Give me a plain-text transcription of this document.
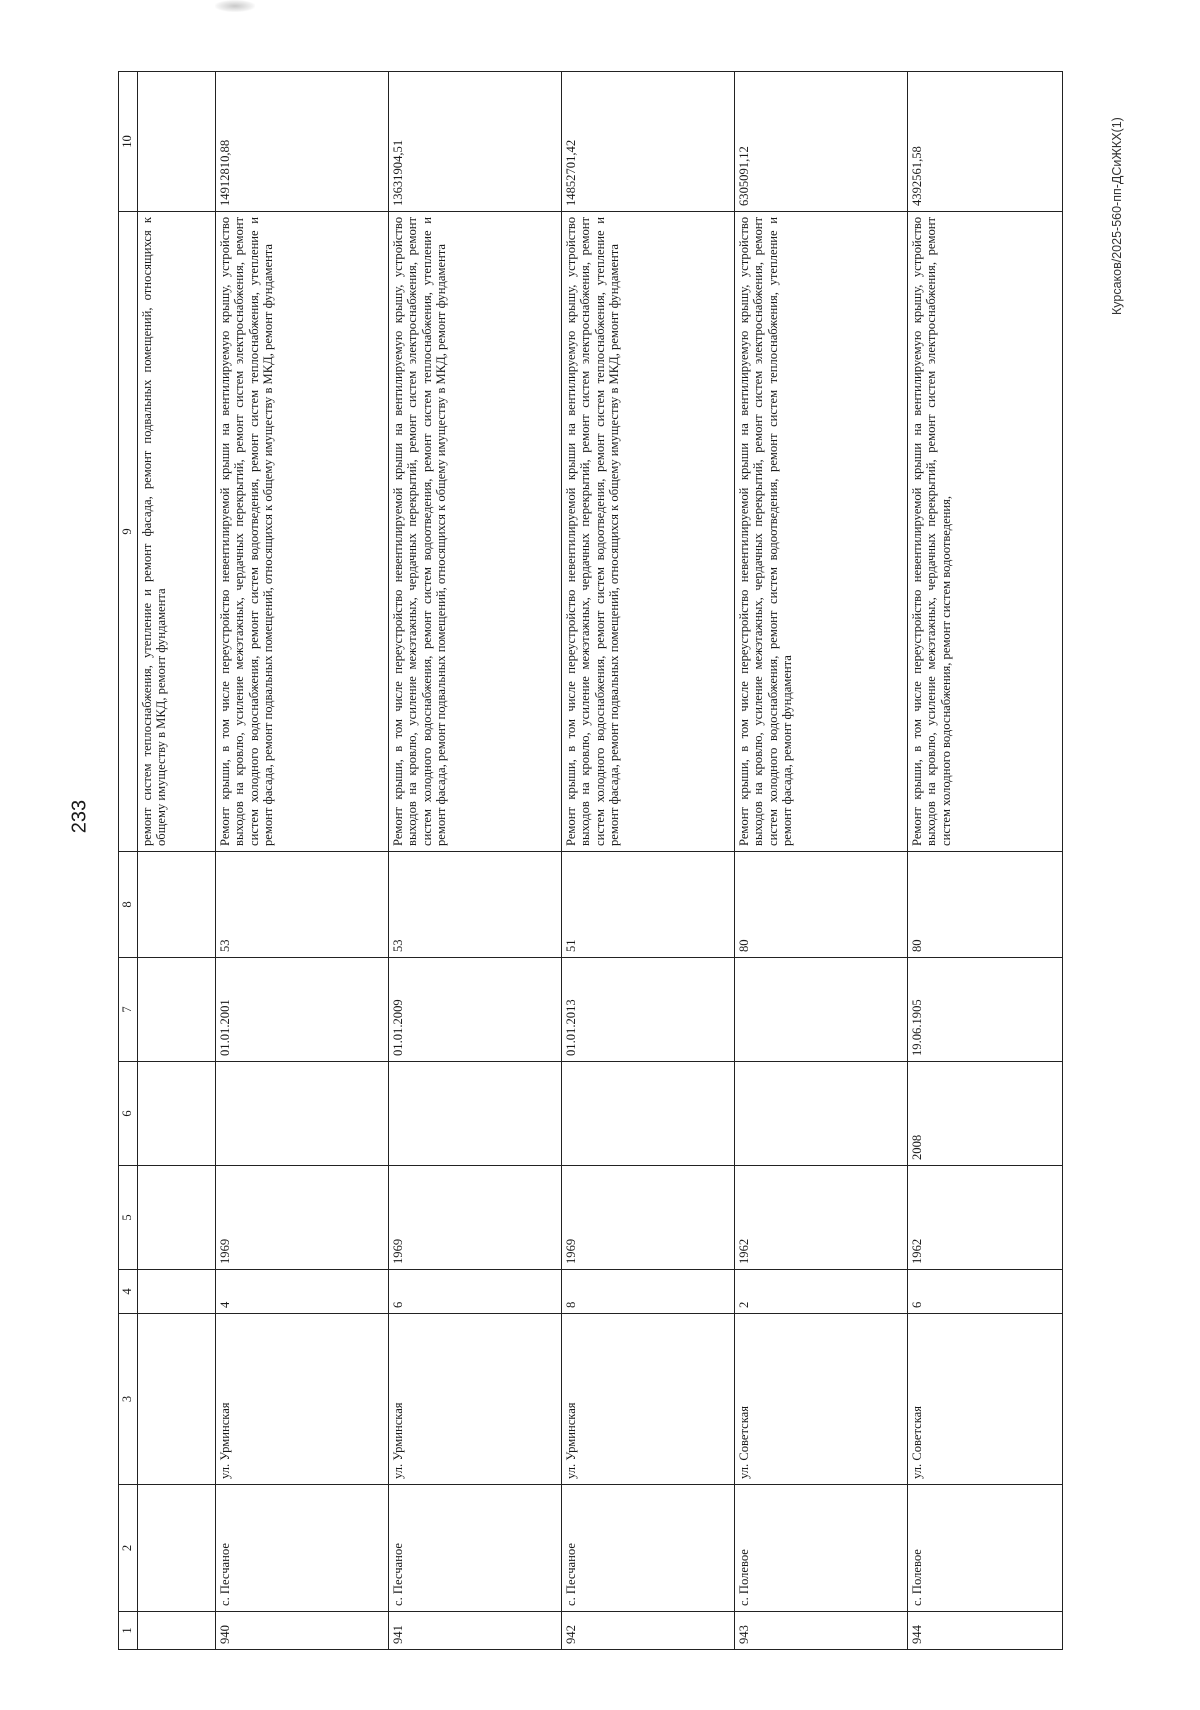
233
Курсаков/2025-560-пп-ДСиЖКХ(1)
1	2	3	4	5	6	7	8	9	10
								ремонт систем теплоснабжения, утепление и ремонт фасада, ремонт подвальных помещений, относящихся к общему имуществу в МКД, ремонт фундамента	
940	с. Песчаное	ул. Урминская	4	1969		01.01.2001	53	Ремонт крыши, в том числе переустройство невентилируемой крыши на вентилируемую крышу, устройство выходов на кровлю, усиление межэтажных, чердачных перекрытий, ремонт систем электроснабжения, ремонт систем холодного водоснабжения, ремонт систем водоотведения, ремонт систем теплоснабжения, утепление и ремонт фасада, ремонт подвальных помещений, относящихся к общему имуществу в МКД, ремонт фундамента	14912810,88
941	с. Песчаное	ул. Урминская	6	1969		01.01.2009	53	Ремонт крыши, в том числе переустройство невентилируемой крыши на вентилируемую крышу, устройство выходов на кровлю, усиление межэтажных, чердачных перекрытий, ремонт систем электроснабжения, ремонт систем холодного водоснабжения, ремонт систем водоотведения, ремонт систем теплоснабжения, утепление и ремонт фасада, ремонт подвальных помещений, относящихся к общему имуществу в МКД, ремонт фундамента	13631904,51
942	с. Песчаное	ул. Урминская	8	1969		01.01.2013	51	Ремонт крыши, в том числе переустройство невентилируемой крыши на вентилируемую крышу, устройство выходов на кровлю, усиление межэтажных, чердачных перекрытий, ремонт систем электроснабжения, ремонт систем холодного водоснабжения, ремонт систем водоотведения, ремонт систем теплоснабжения, утепление и ремонт фасада, ремонт подвальных помещений, относящихся к общему имуществу в МКД, ремонт фундамента	14852701,42
943	с. Полевое	ул. Советская	2	1962			80	Ремонт крыши, в том числе переустройство невентилируемой крыши на вентилируемую крышу, устройство выходов на кровлю, усиление межэтажных, чердачных перекрытий, ремонт систем электроснабжения, ремонт систем холодного водоснабжения, ремонт систем водоотведения, ремонт систем теплоснабжения, утепление и ремонт фасада, ремонт фундамента	6305091,12
944	с. Полевое	ул. Советская	6	1962	2008	19.06.1905	80	Ремонт крыши, в том числе переустройство невентилируемой крыши на вентилируемую крышу, устройство выходов на кровлю, усиление межэтажных, чердачных перекрытий, ремонт систем электроснабжения, ремонт систем холодного водоснабжения, ремонт систем водоотведения,	4392561,58
